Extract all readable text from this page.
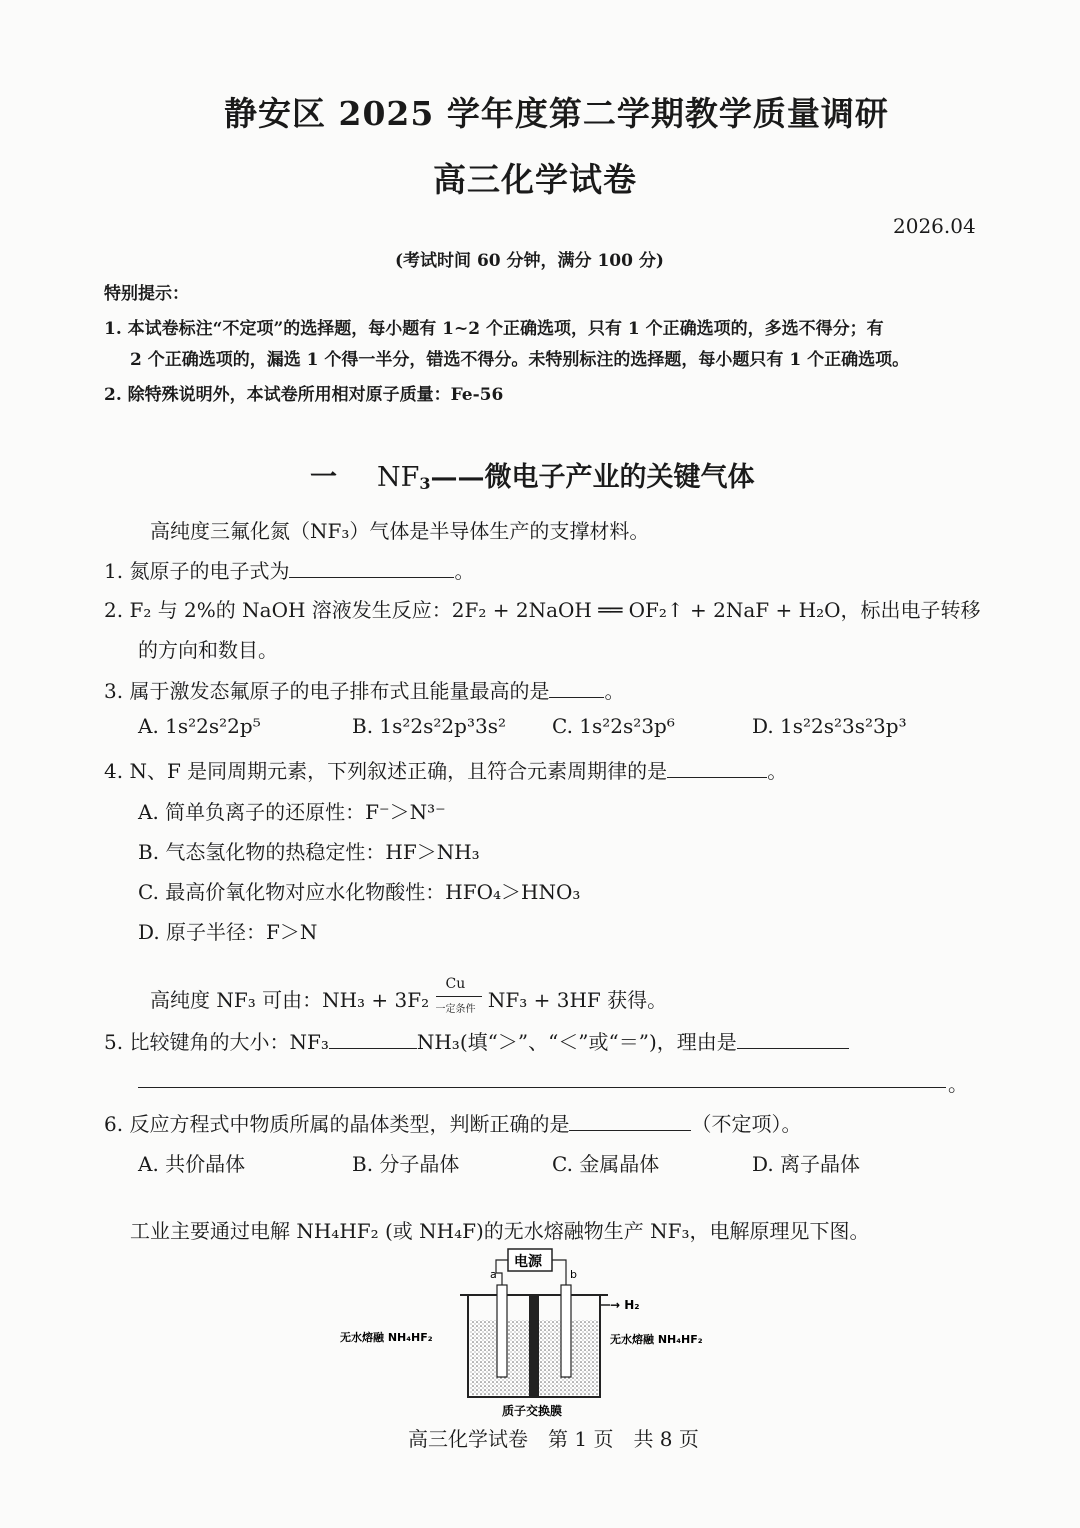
静安区 2025 学年度第二学期教学质量调研
高三化学试卷
2026.04
(考试时间 60 分钟，满分 100 分)
特别提示：
1. 本试卷标注“不定项”的选择题，每小题有 1~2 个正确选项，只有 1 个正确选项的，多选不得分；有
2 个正确选项的，漏选 1 个得一半分，错选不得分。未特别标注的选择题，每小题只有 1 个正确选项。
2. 除特殊说明外，本试卷所用相对原子质量：Fe-56
一 $NF_3——$微电子产业的关键气体
高纯度三氟化氮（NF₃）气体是半导体生产的支撑材料。
1. 氮原子的电子式为	。
2. F₂ 与 2%的 NaOH 溶液发生反应：2F₂ + 2NaOH ══ OF₂↑ + 2NaF + H₂O，标出电子转移
的方向和数目。
3. 属于激发态氟原子的电子排布式且能量最高的是	。
A. 1s²2s²2p⁵	B. 1s²2s²2p³3s² C. 1s²2s²3p⁶	D. 1s²2s²3s²3p³
4. N、F 是同周期元素，下列叙述正确，且符合元素周期律的是	。
A. 简单负离子的还原性：F⁻＞N³⁻
B. 气态氢化物的热稳定性：HF＞NH₃
C. 最高价氧化物对应水化物酸性：HFO₄＞HNO₃
D. 原子半径：F＞N
高纯度 NF₃ 可由：NH₃ + 3F₂
Cu
一定条件 NF₃ + 3HF 获得。
5. 比较键角的大小：NF₃	NH₃(填“＞”、“＜”或“＝”)，理由是
。
6. 反应方程式中物质所属的晶体类型，判断正确的是	（不定项）。
A. 共价晶体	B. 分子晶体	C. 金属晶体	D. 离子晶体
工业主要通过电解 NH₄HF₂ (或 NH₄F)的无水熔融物生产 NF₃，电解原理见下图。
电源
a	b
→ H₂
无水熔融 NH₄HF₂	无水熔融 NH₄HF₂
质子交换膜
高三化学试卷　第 1 页　共 8 页
